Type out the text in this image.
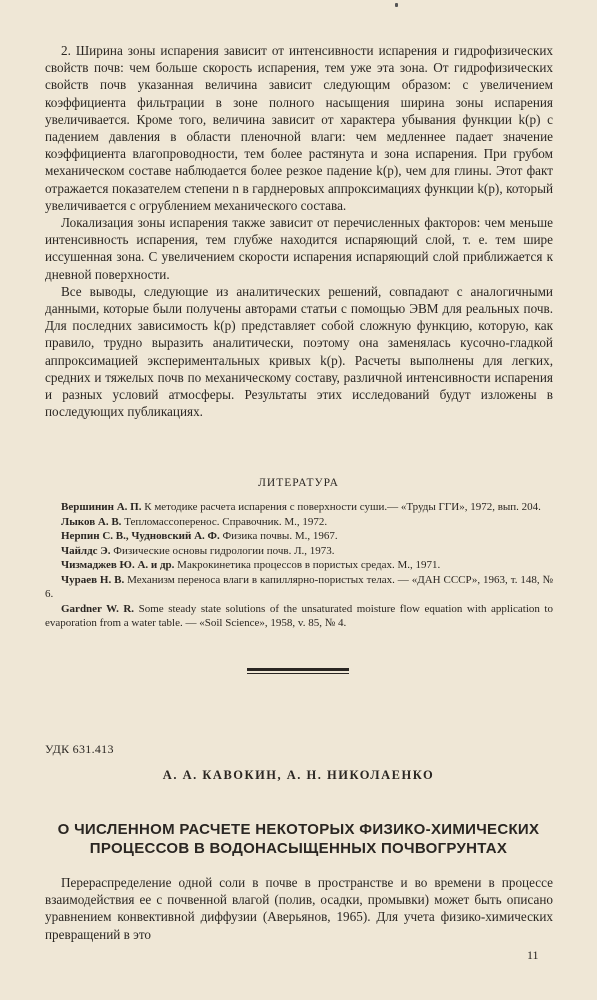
2. Ширина зоны испарения зависит от интенсивности испарения и гидрофизических свойств почв: чем больше скорость испарения, тем уже эта зона. От гидрофизических свойств почв указанная величина зависит следующим образом: с увеличением коэффициента фильтрации в зоне полного насыщения ширина зоны испарения увеличивается. Кроме того, величина зависит от характера убывания функции k(p) с падением давления в области пленочной влаги: чем медленнее падает значение коэффициента влагопроводности, тем более растянута и зона испарения. При грубом механическом составе наблюдается более резкое падение k(p), чем для глины. Этот факт отражается показателем степени n в гарднеровых аппроксимациях функции k(p), который увеличивается с огрублением механического состава.

Локализация зоны испарения также зависит от перечисленных факторов: чем меньше интенсивность испарения, тем глубже находится испаряющий слой, т. е. тем шире иссушенная зона. С увеличением скорости испарения испаряющий слой приближается к дневной поверхности.

Все выводы, следующие из аналитических решений, совпадают с аналогичными данными, которые были получены авторами статьи с помощью ЭВМ для реальных почв. Для последних зависимость k(p) представляет собой сложную функцию, которую, как правило, трудно выразить аналитически, поэтому она заменялась кусочно-гладкой аппроксимацией экспериментальных кривых k(p). Расчеты выполнены для легких, средних и тяжелых почв по механическому составу, различной интенсивности испарения и разных условий атмосферы. Результаты этих исследований будут изложены в последующих публикациях.

ЛИТЕРАТУРА

Вершинин А. П. К методике расчета испарения с поверхности суши.— «Труды ГГИ», 1972, вып. 204.

Лыков А. В. Тепломассоперенос. Справочник. М., 1972.

Нерпин С. В., Чудновский А. Ф. Физика почвы. М., 1967.

Чайлдс Э. Физические основы гидрологии почв. Л., 1973.

Чизмаджев Ю. А. и др. Макрокинетика процессов в пористых средах. М., 1971.

Чураев Н. В. Механизм переноса влаги в капиллярно-пористых телах. — «ДАН СССР», 1963, т. 148, № 6.

Gardner W. R. Some steady state solutions of the unsaturated moisture flow equation with application to evaporation from a water table. — «Soil Science», 1958, v. 85, № 4.

УДК 631.413
А. А. КАВОКИН, А. Н. НИКОЛАЕНКО
О ЧИСЛЕННОМ РАСЧЕТЕ НЕКОТОРЫХ ФИЗИКО-ХИМИЧЕСКИХ ПРОЦЕССОВ В ВОДОНАСЫЩЕННЫХ ПОЧВОГРУНТАХ

Перераспределение одной соли в почве в пространстве и во времени в процессе взаимодействия ее с почвенной влагой (полив, осадки, промывки) может быть описано уравнением конвективной диффузии (Аверьянов, 1965). Для учета физико-химических превращений в это

11
